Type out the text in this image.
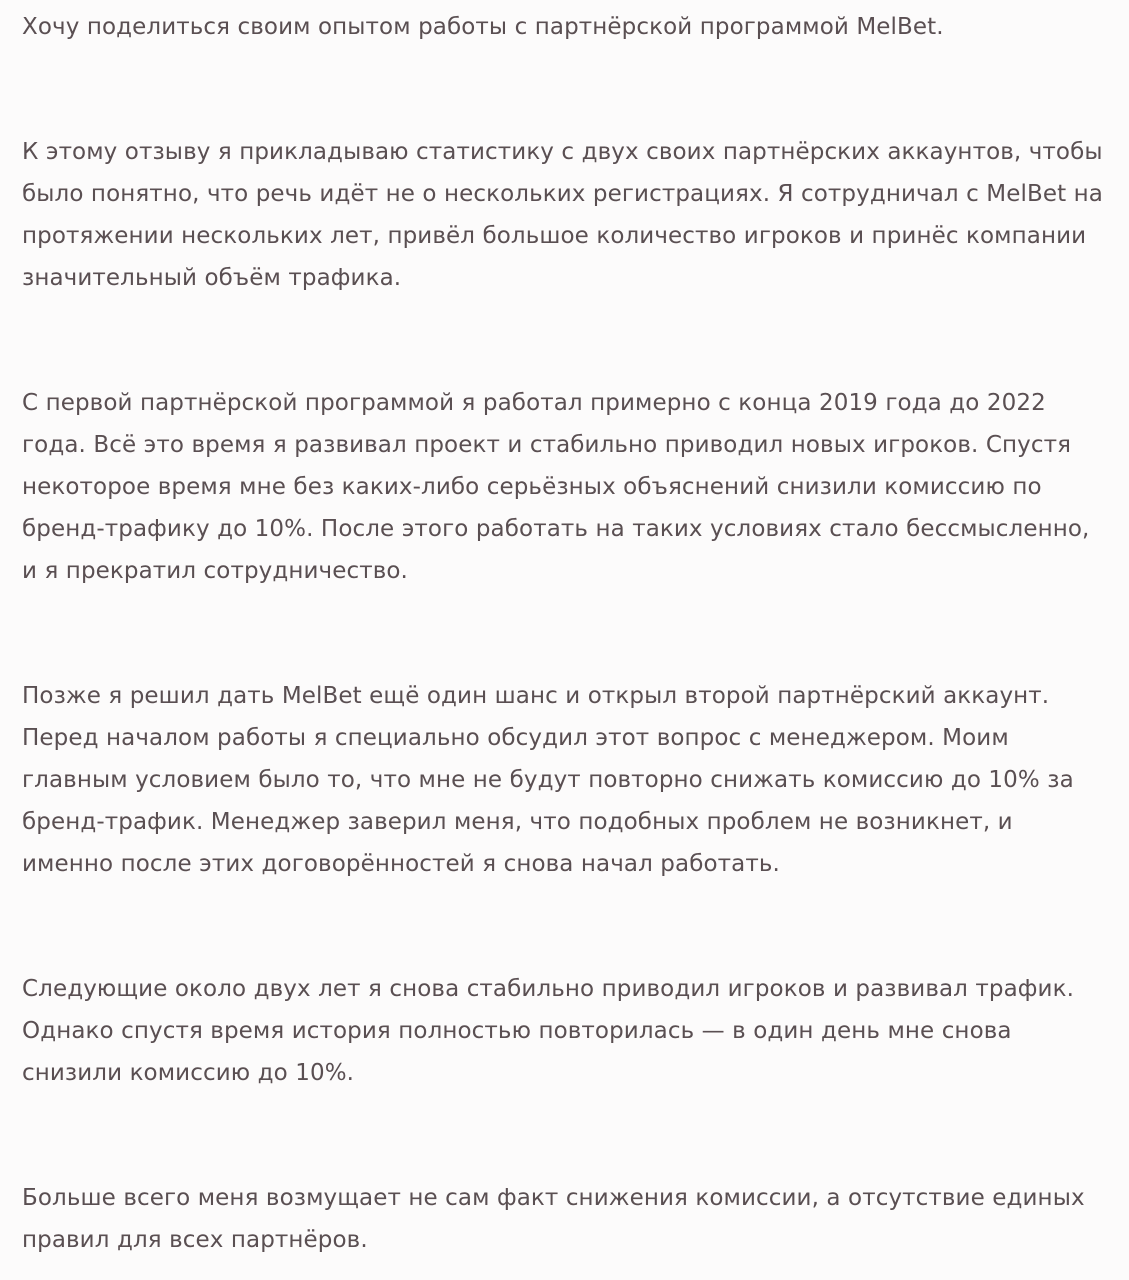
Хочу поделиться своим опытом работы с партнёрской программой MelBet.

К этому отзыву я прикладываю статистику с двух своих партнёрских аккаунтов, чтобы было понятно, что речь идёт не о нескольких регистрациях. Я сотрудничал с MelBet на протяжении нескольких лет, привёл большое количество игроков и принёс компании значительный объём трафика.

С первой партнёрской программой я работал примерно с конца 2019 года до 2022 года. Всё это время я развивал проект и стабильно приводил новых игроков. Спустя некоторое время мне без каких-либо серьёзных объяснений снизили комиссию по бренд-трафику до 10%. После этого работать на таких условиях стало бессмысленно, и я прекратил сотрудничество.

Позже я решил дать MelBet ещё один шанс и открыл второй партнёрский аккаунт. Перед началом работы я специально обсудил этот вопрос с менеджером. Моим главным условием было то, что мне не будут повторно снижать комиссию до 10% за бренд-трафик. Менеджер заверил меня, что подобных проблем не возникнет, и именно после этих договорённостей я снова начал работать.

Следующие около двух лет я снова стабильно приводил игроков и развивал трафик. Однако спустя время история полностью повторилась — в один день мне снова снизили комиссию до 10%.

Больше всего меня возмущает не сам факт снижения комиссии, а отсутствие единых правил для всех партнёров.
